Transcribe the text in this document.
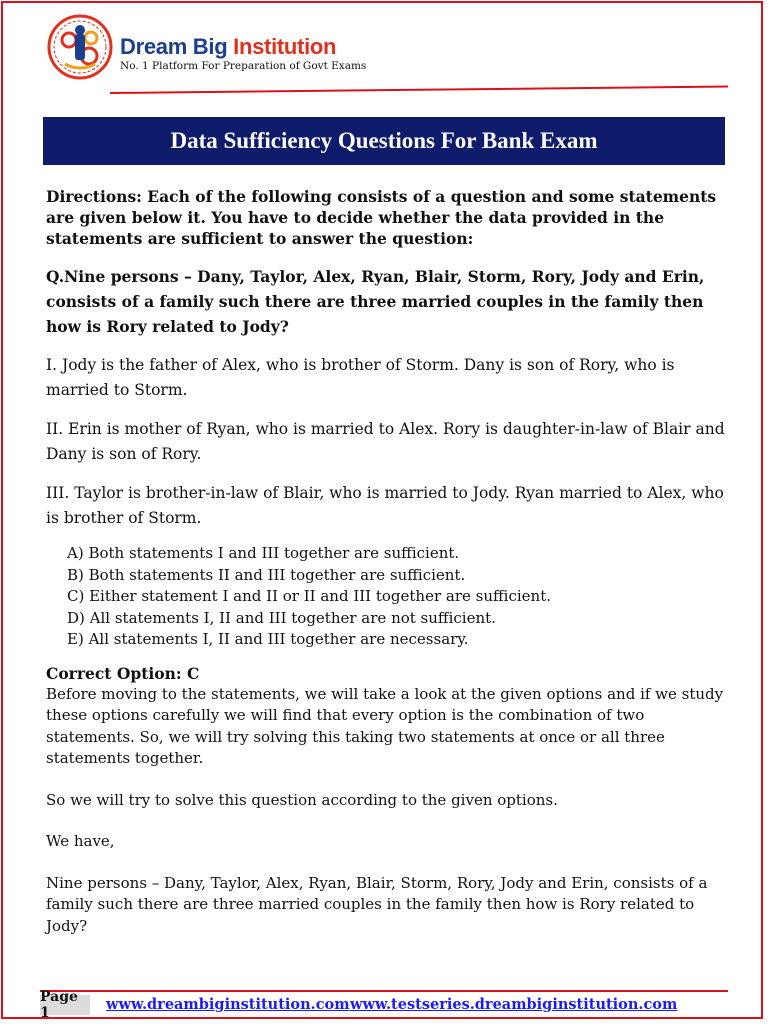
Dream Big Institution
No. 1 Platform For Preparation of Govt Exams
Data Sufficiency Questions For Bank Exam

Directions: Each of the following consists of a question and some statements are given below it. You have to decide whether the data provided in the statements are sufficient to answer the question:

Q.Nine persons – Dany, Taylor, Alex, Ryan, Blair, Storm, Rory, Jody and Erin, consists of a family such there are three married couples in the family then how is Rory related to Jody?

I. Jody is the father of Alex, who is brother of Storm. Dany is son of Rory, who is married to Storm.

II. Erin is mother of Ryan, who is married to Alex. Rory is daughter-in-law of Blair and Dany is son of Rory.

III. Taylor is brother-in-law of Blair, who is married to Jody. Ryan married to Alex, who is brother of Storm.

A) Both statements I and III together are sufficient.
B) Both statements II and III together are sufficient.
C) Either statement I and II or II and III together are sufficient.
D) All statements I, II and III together are not sufficient.
E) All statements I, II and III together are necessary.

Correct Option: C

Before moving to the statements, we will take a look at the given options and if we study these options carefully we will find that every option is the combination of two statements. So, we will try solving this taking two statements at once or all three statements together.

So we will try to solve this question according to the given options.

We have,

Nine persons – Dany, Taylor, Alex, Ryan, Blair, Storm, Rory, Jody and Erin, consists of a family such there are three married couples in the family then how is Rory related to Jody?

Page 1	www.dreambiginstitution.com www.testseries.dreambiginstitution.com
